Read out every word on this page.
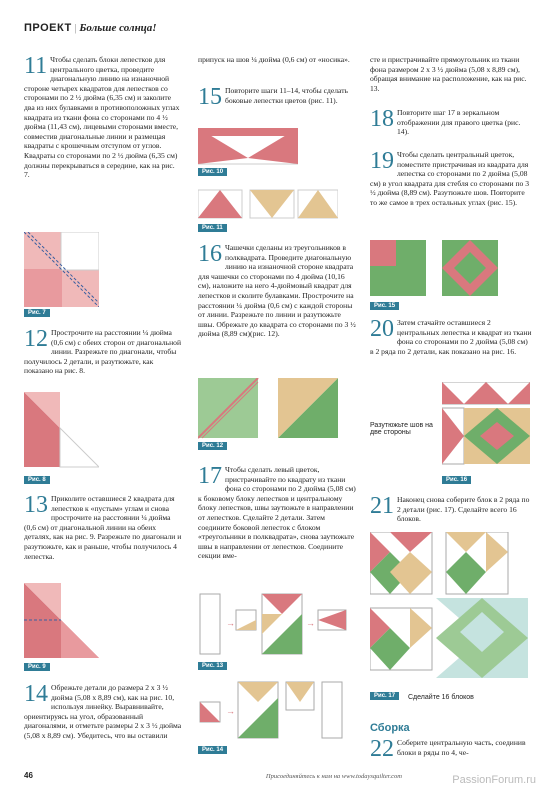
ПРОЕКТ | Больше солнца!
11 Чтобы сделать блоки лепестков для центрального цветка, проведите диагональную линию на изнаночной стороне четырех квадратов для лепестков со сторонами по 2 ½ дюйма (6,35 см) и заколите два из них булавками в противоположных углах квадрата из ткани фона со сторонами по 4 ½ дюйма (11,43 см), лицевыми сторонами вместе, совместив диагональные линии и размещая квадраты с крошечным отступом от углов. Квадраты со сторонами по 2 ½ дюйма (6,35 см) должны перекрываться в середине, как на рис. 7.
Рис. 7
12 Прострочите на расстоянии ¼ дюйма (0,6 см) с обеих сторон от диагональной линии. Разрежьте по диагонали, чтобы получилось 2 детали, и разутюжьте, как показано на рис. 8.
Рис. 8
13 Приколите оставшиеся 2 квадрата для лепестков к «пустым» углам и снова прострочите на расстоянии ¼ дюйма (0,6 см) от диагональной линии на обеих деталях, как на рис. 9. Разрежьте по диагонали и разутюжьте, как и раньше, чтобы получилось 4 лепестка.
Рис. 9
14 Обрежьте детали до размера 2 х 3 ½ дюйма (5,08 х 8,89 см), как на рис. 10, используя линейку. Выравнивайте, ориентируясь на угол, образованный диагоналями, и отметьте размеры 2 х 3 ½ дюйма (5,08 х 8,89 см). Убедитесь, что вы оставили
припуск на шов ¼ дюйма (0,6 см) от «носика».
15 Повторите шаги 11–14, чтобы сделать боковые лепестки цветов (рис. 11).
Рис. 10
Рис. 11
16 Чашечки сделаны из треугольников в полквадрата. Проведите диагональную линию на изнаночной стороне квадрата для чашечки со сторонами по 4 дюйма (10,16 см), наложите на него 4-дюймовый квадрат для лепестков и сколите булавками. Прострочите на расстоянии ¼ дюйма (0,6 см) с каждой стороны от линии. Разрежьте по линии и разутюжьте швы. Обрежьте до квадрата со сторонами по 3 ½ дюйма (8,89 см)(рис. 12).
Рис. 12
17 Чтобы сделать левый цветок, пристрачивайте по квадрату из ткани фона со сторонами по 2 дюйма (5,08 см) к боковому блоку лепестков и центральному блоку лепестков, швы заутюжьте в направлении от лепестков. Сделайте 2 детали. Затем соедините боковой лепесток с блоком «треугольники в полквадрата», снова заутюжьте швы в направлении от лепестков. Соедините секции вме-
→	→
Рис. 13
→
Рис. 14
сте и пристрачивайте прямоугольник из ткани фона размером 2 х 3 ½ дюйма (5,08 х 8,89 см), обращая внимание на расположение, как на рис. 13.
18 Повторите шаг 17 в зеркальном отображении для правого цветка (рис. 14).
19 Чтобы сделать центральный цветок, поместите пристрачивая из квадрата для лепестка со сторонами по 2 дюйма (5,08 см) в угол квадрата для стебля со сторонами по 3 ½ дюйма (8,89 см). Разутюжьте шов. Повторите то же самое в трех остальных углах (рис. 15).
Рис. 15
20 Затем стачайте оставшиеся 2 центральных лепестка и квадрат из ткани фона со сторонами по 2 дюйма (5,08 см) в 2 ряда по 2 детали, как показано на рис. 16.
Рис. 16
Разутюжьте шов на две стороны
21 Наконец снова соберите блок в 2 ряда по 2 детали (рис. 17). Сделайте всего 16 блоков.
Рис. 17	Сделайте 16 блоков
Сборка
22 Соберите центральную часть, соединив блоки в ряды по 4, че-
46	Присоединяйтесь к нам на www.todaysquilter.com	PassionForum.ru
